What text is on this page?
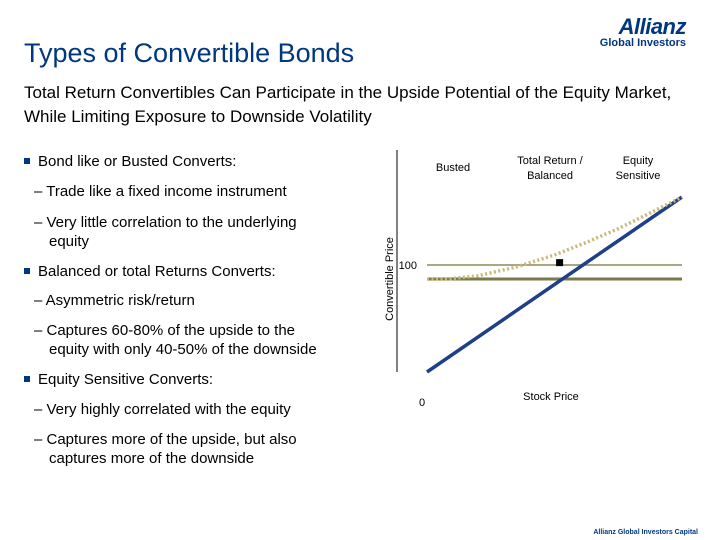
Types of Convertible Bonds
Allianz
Global Investors
Total Return Convertibles Can Participate in the Upside Potential of the Equity Market, While Limiting Exposure to Downside Volatility
Bond like or Busted Converts:
– Trade like a fixed income instrument
– Very little correlation to the underlying
equity
Balanced or total Returns Converts:
– Asymmetric risk/return
– Captures 60-80% of the upside to the
equity with only 40-50% of the downside
Equity Sensitive Converts:
– Very highly correlated with the equity
– Captures more of the upside, but also
captures more of the downside
Convertible Price 100
0	Stock Price
Busted
Total Return /
Balanced
Equity
Sensitive
Allianz Global Investors Capital
